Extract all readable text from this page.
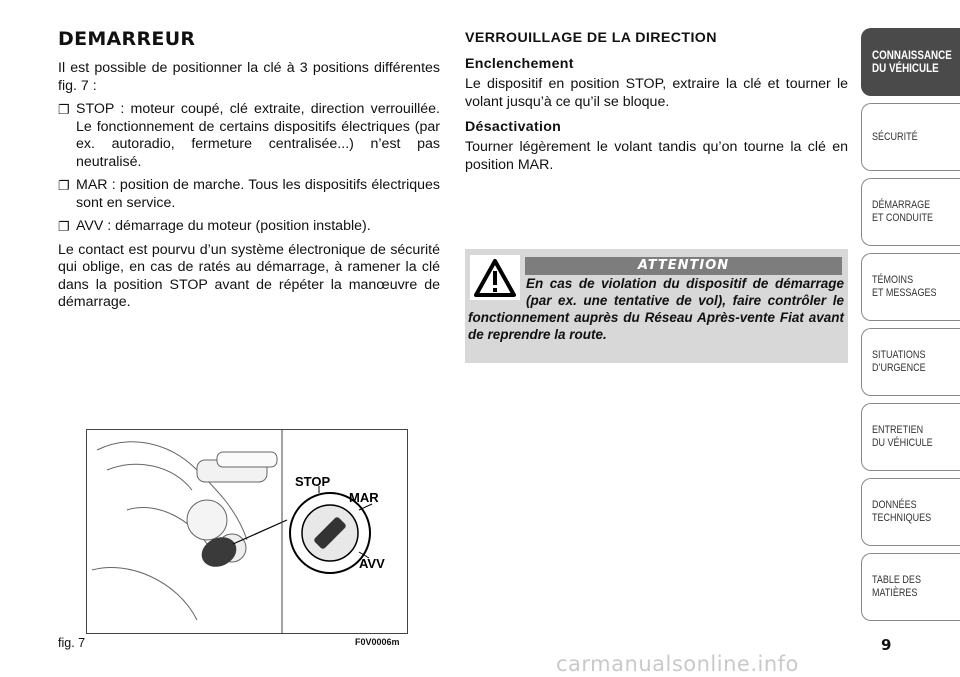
DEMARREUR

Il est possible de positionner la clé à 3 positions différentes fig. 7 :

❐ STOP : moteur coupé, clé extraite, direction verrouillée. Le fonctionnement de certains dispositifs électriques (par ex. autoradio, fermeture centralisée...) n’est pas neutralisé.
❐ MAR : position de marche. Tous les dispositifs électriques sont en service.
❐ AVV : démarrage du moteur (position instable).

Le contact est pourvu d’un système électronique de sécurité qui oblige, en cas de ratés au démarrage, à ramener la clé dans la position STOP avant de répéter la manœuvre de démarrage.

VERROUILLAGE DE LA DIRECTION
Enclenchement

Le dispositif en position STOP, extraire la clé et tourner le volant jusqu’à ce qu’il se bloque.

Désactivation

Tourner légèrement le volant tandis qu’on tourne la clé en position MAR.

ATTENTION
En cas de violation du dispositif de démarrage (par ex. une tentative de vol), faire contrôler le fonctionnement auprès du Réseau Après-vente Fiat avant de reprendre la route.
STOP
MAR
AVV
fig. 7	F0V0006m
CONNAISSANCE
DU VÉHICULE
SÉCURITÉ
DÉMARRAGE
ET CONDUITE
TÉMOINS
ET MESSAGES
SITUATIONS
D’URGENCE
ENTRETIEN
DU VÉHICULE
DONNÉES
TECHNIQUES
TABLE DES
MATIÈRES
9
carmanualsonline.info
